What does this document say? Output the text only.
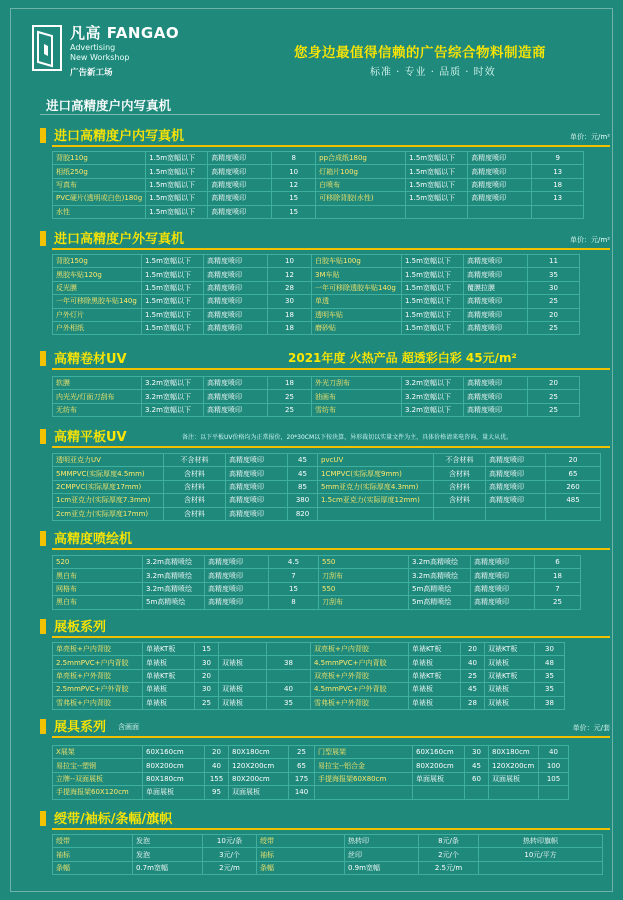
凡高 FANGAO
Advertising
New Workshop
广告新工场
您身边最值得信赖的广告综合物料制造商
标准 · 专业 · 品质 · 时效
进口高精度户内写真机
进口高精度户内写真机	单价：元/m²
背胶110g	1.5m宽幅以下	高精度喷印	8	pp合成纸180g	1.5m宽幅以下	高精度喷印	9
相纸250g	1.5m宽幅以下	高精度喷印	10	灯箱片100g	1.5m宽幅以下	高精度喷印	13
写真布	1.5m宽幅以下	高精度喷印	12	白喷布	1.5m宽幅以下	高精度喷印	18
PVC硬片(透明或白色)180g	1.5m宽幅以下	高精度喷印	15	可移除背胶(水性)	1.5m宽幅以下	高精度喷印	13
水性	1.5m宽幅以下	高精度喷印	15				
进口高精度户外写真机	单价：元/m²
背胶150g	1.5m宽幅以下	高精度喷印	10	白胶车贴100g	1.5m宽幅以下	高精度喷印	11
黑胶车贴120g	1.5m宽幅以下	高精度喷印	12	3M车贴	1.5m宽幅以下	高精度喷印	35
反光膜	1.5m宽幅以下	高精度喷印	28	一年可移除透胶车贴140g	1.5m宽幅以下	覆膜拉膜	30
一年可移除黑胶车贴140g	1.5m宽幅以下	高精度喷印	30	单透	1.5m宽幅以下	高精度喷印	25
户外灯片	1.5m宽幅以下	高精度喷印	18	透明车贴	1.5m宽幅以下	高精度喷印	20
户外相纸	1.5m宽幅以下	高精度喷印	18	磨砂贴	1.5m宽幅以下	高精度喷印	25
高精卷材UV	2021年度 火热产品 超透彩白彩 45元/m²
软膜	3.2m宽幅以下	高精度喷印	18	外光刀刮布	3.2m宽幅以下	高精度喷印	20
内光光/灯面刀刮布	3.2m宽幅以下	高精度喷印	25	油画布	3.2m宽幅以下	高精度喷印	25
无纺布	3.2m宽幅以下	高精度喷印	25	雪纺布	3.2m宽幅以下	高精度喷印	25
高精平板UV	备注：以下平板UV价格均为正常报价，20*30CM以下按块算，异形裁切以实量文件为主，具体价格请来电咨询，量大从优。
透明亚克力UV	不含材料	高精度喷印	45	pvcUV	不含材料	高精度喷印	20
5MMPVC(实际厚度4.5mm)	含材料	高精度喷印	45	1CMPVC(实际厚度9mm)	含材料	高精度喷印	65
2CMPVC(实际厚度17mm)	含材料	高精度喷印	85	5mm亚克力(实际厚度4.3mm)	含材料	高精度喷印	260
1cm亚克力(实际厚度7.3mm)	含材料	高精度喷印	380	1.5cm亚克力(实际厚度12mm)	含材料	高精度喷印	485
2cm亚克力(实际厚度17mm)	含材料	高精度喷印	820				
高精度喷绘机
520	3.2m高精喷绘	高精度喷印	4.5	550	3.2m高精喷绘	高精度喷印	6
黑白布	3.2m高精喷绘	高精度喷印	7	刀刮布	3.2m高精喷绘	高精度喷印	18
网格布	3.2m高精喷绘	高精度喷印	15	550	5m高精喷绘	高精度喷印	7
黑白布	5m高精喷绘	高精度喷印	8	刀刮布	5m高精喷绘	高精度喷印	25
展板系列
单亮板+户内背胶	单裱KT板	15			双亮板+户内背胶	单裱KT板	20	双裱KT板	30
2.5mmPVC+户内背胶	单裱板	30	双裱板	38	4.5mmPVC+户内背胶	单裱板	40	双裱板	48
单亮板+户外背胶	单裱KT板	20			双亮板+户外背胶	单裱KT板	25	双裱KT板	35
2.5mmPVC+户外背胶	单裱板	30	双裱板	40	4.5mmPVC+户外背胶	单裱板	45	双裱板	35
雪弗板+户内背胶	单裱板	25	双裱板	35	雪弗板+户外背胶	单裱板	28	双裱板	38
展具系列 含画面	单价：元/套
X展架	60X160cm	20	80X180cm	25	门型展架	60X160cm	30	80X180cm	40
易拉宝--塑钢	80X200cm	40	120X200cm	65	易拉宝--铝合金	80X200cm	45	120X200cm	100
立牌--双面展板	80X180cm	155	80X200cm	175	手提海报架60X80cm	单面展板	60	双面展板	105
手提海报架60X120cm	单面展板	95	双面展板	140					
绶带/袖标/条幅/旗帜
绶带	发泡	10元/条	绶带	热转印	8元/条	热转印旗帜
袖标	发泡	3元/个	袖标	丝印	2元/个	10元/平方
条幅	0.7m宽幅	2元/m	条幅	0.9m宽幅	2.5元/m	
